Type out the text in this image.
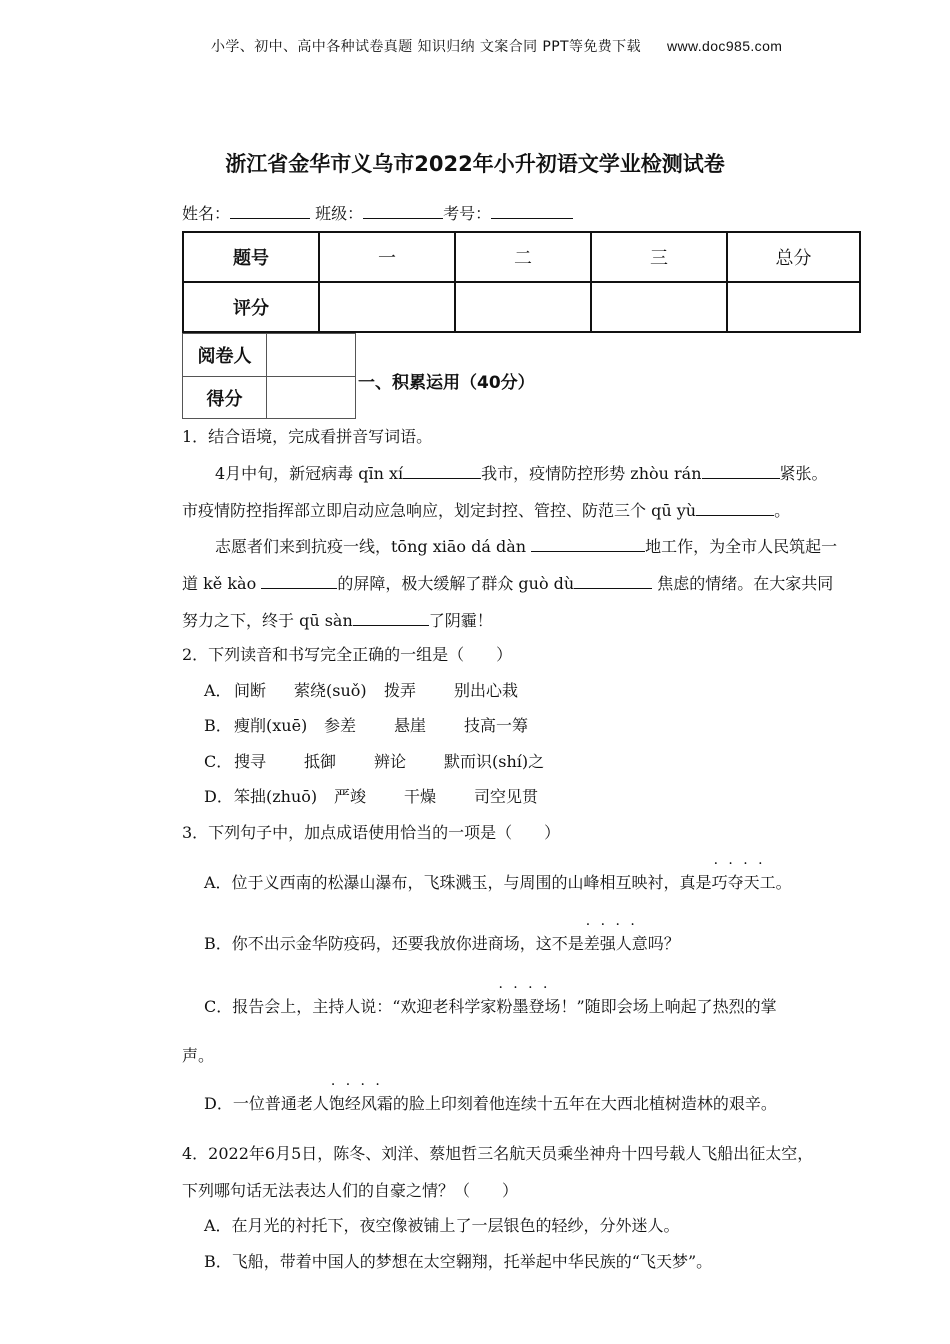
小学、初中、高中各种试卷真题 知识归纳 文案合同 PPT等免费下载 www.doc985.com
浙江省金华市义乌市2022年小升初语文学业检测试卷
姓名：	班级：	考号：
题号	一	二	三	总分
评分
阅卷人
得分
一、积累运用（40分）
1．结合语境，完成看拼音写词语。
4月中旬，新冠病毒 qīn xí	我市，疫情防控形势 zhòu rán	紧张。
市疫情防控指挥部立即启动应急响应，划定封控、管控、防范三个 qū yù	。
志愿者们来到抗疫一线，tōng xiāo dá dàn	地工作，为全市人民筑起一
道 kě kào	的屏障，极大缓解了群众 guò dù	焦虑的情绪。在大家共同
努力之下，终于 qū sàn	了阴霾！
2．下列读音和书写完全正确的一组是（　　）
A． 间断 萦绕(suǒ) 拨弄 别出心栽
B． 瘦削(xuē) 参差 悬崖 技高一筹
C． 搜寻 抵御 辨论 默而识(shí)之
D．笨拙(zhuō) 严竣 干燥 司空见贯
3．下列句子中，加点成语使用恰当的一项是（　　）
A．位于义西南的松瀑山瀑布，飞珠溅玉，与周围的山峰相互映衬，真是· · 巧夺天工。
B．你不出示金华防疫码，还要我放你进商场，这不是· · 差强人意吗？
C．报告会上，主持人说：“欢迎老科学家· · 粉墨登场！”随即会场上响起了热烈的掌
声。
D．一位普通老人· · 饱经风霜的脸上印刻着他连续十五年在大西北植树造林的艰辛。
4．2022年6月5日，陈冬、刘洋、蔡旭哲三名航天员乘坐神舟十四号载人飞船出征太空，
下列哪句话无法表达人们的自豪之情？（　　）
A．在月光的衬托下，夜空像被铺上了一层银色的轻纱，分外迷人。
B．飞船，带着中国人的梦想在太空翱翔，托举起中华民族的“飞天梦”。
